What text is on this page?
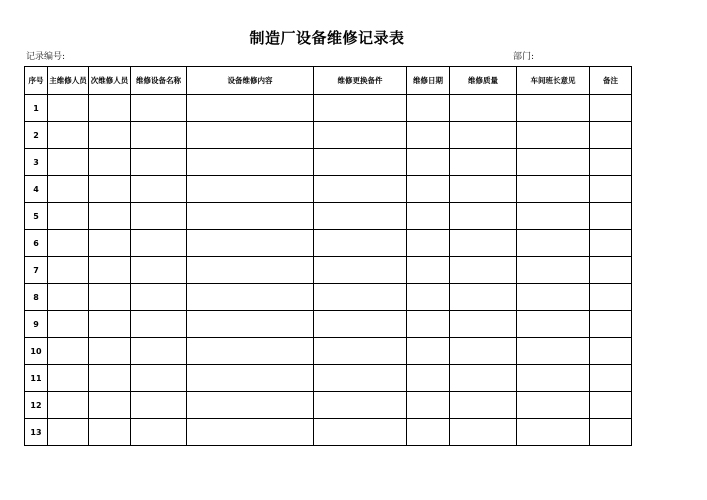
制造厂设备维修记录表
记录编号:	部门:
序号	主维修人员	次维修人员	维修设备名称	设备维修内容	维修更换备件	维修日期	维修质量	车间班长意见	备注
1									
2									
3									
4									
5									
6									
7									
8									
9									
10									
11									
12									
13									
